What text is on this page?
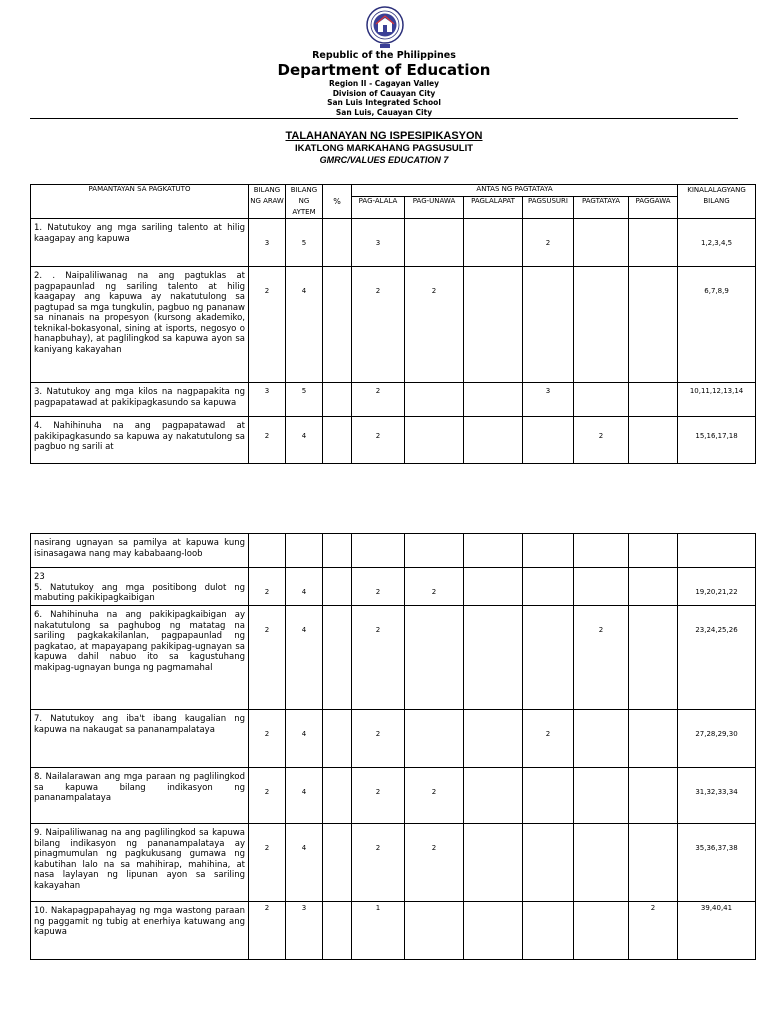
Republic of the Philippines
Department of Education
Region II - Cagayan Valley
Division of Cauayan City
San Luis Integrated School
San Luis, Cauayan City
TALAHANAYAN NG ISPESIPIKASYON
IKATLONG MARKAHANG PAGSUSULIT
GMRC/VALUES EDUCATION 7
PAMANTAYAN SA PAGKATUTO	BILANG NG ARAW	BILANG NG AYTEM	%	ANTAS NG PAGTATAYA						KINALALAGYANG BILANG
				PAG-ALALA	PAG-UNAWA	PAGLALAPAT	PAGSUSURI	PAGTATAYA	PAGGAWA	
1. Natutukoy ang mga sariling talento at hilig kaagapay ang kapuwa	3	5		3			2			1,2,3,4,5
2. . Naipaliliwanag na ang pagtuklas at pagpapaunlad ng sariling talento at hilig kaagapay ang kapuwa ay nakatutulong sa pagtupad sa mga tungkulin, pagbuo ng pananaw sa ninanais na propesyon (kursong akademiko, teknikal-bokasyonal, sining at isports, negosyo o hanapbuhay), at paglilingkod sa kapuwa ayon sa kaniyang kakayahan	2	4		2	2					6,7,8,9
3. Natutukoy ang mga kilos na nagpapakita ng pagpapatawad at pakikipagkasundo sa kapuwa	3	5		2			3			10,11,12,13,14
4. Nahihinuha na ang pagpapatawad at pakikipagkasundo sa kapuwa ay nakatutulong sa pagbuo ng sarili at	2	4		2				2		15,16,17,18
nasirang ugnayan sa pamilya at kapuwa kung isinasagawa nang may kababaang-loob										
23
5. Natutukoy ang mga positibong dulot ng mabuting pakikipagkaibigan	2	4		2	2					19,20,21,22
6. Nahihinuha na ang pakikipagkaibigan ay nakatutulong sa paghubog ng matatag na sariling pagkakakilanlan, pagpapaunlad ng pagkatao, at mapayapang pakikipag-ugnayan sa kapuwa dahil nabuo ito sa kagustuhang makipag-ugnayan bunga ng pagmamahal	2	4		2				2		23,24,25,26
7. Natutukoy ang iba't ibang kaugalian ng kapuwa na nakaugat sa pananampalataya	2	4		2			2			27,28,29,30
8. Nailalarawan ang mga paraan ng paglilingkod sa kapuwa bilang indikasyon ng pananampalataya	2	4		2	2					31,32,33,34
9. Naipaliliwanag na ang paglilingkod sa kapuwa bilang indikasyon ng pananampalataya ay pinagmumulan ng pagkukusang gumawa ng kabutihan lalo na sa mahihirap, mahihina, at nasa laylayan ng lipunan ayon sa sariling kakayahan	2	4		2	2					35,36,37,38
10. Nakapagpapahayag ng mga wastong paraan ng paggamit ng tubig at enerhiya katuwang ang kapuwa	2	3		1					2	39,40,41
